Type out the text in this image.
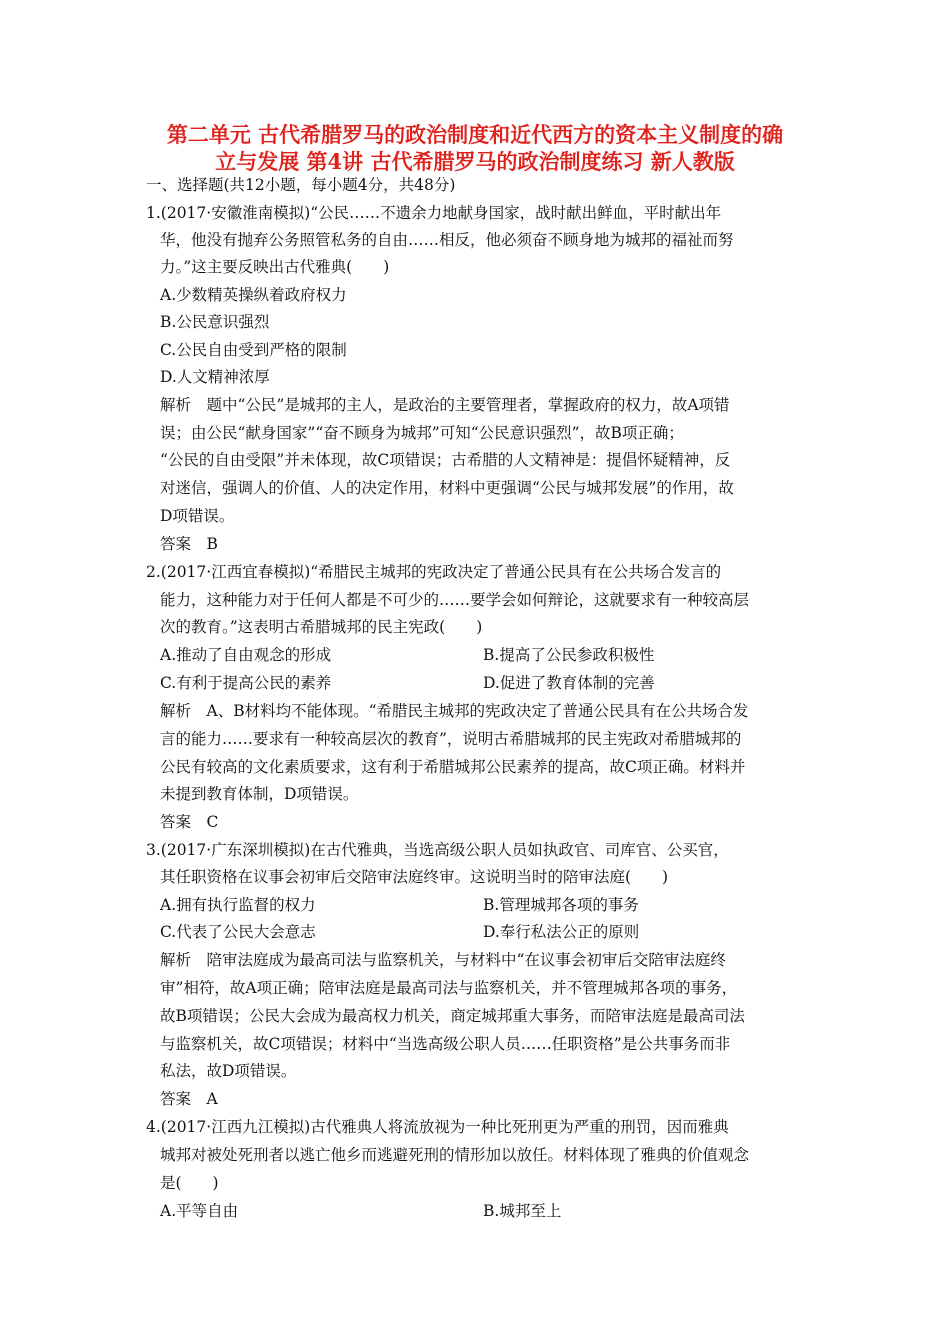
第二单元 古代希腊罗马的政治制度和近代西方的资本主义制度的确
立与发展 第4讲 古代希腊罗马的政治制度练习 新人教版
一、选择题(共12小题，每小题4分，共48分)
1.(2017·安徽淮南模拟)“公民……不遗余力地献身国家，战时献出鲜血，平时献出年
华，他没有抛弃公务照管私务的自由……相反，他必须奋不顾身地为城邦的福祉而努
力。”这主要反映出古代雅典(　　)
A.少数精英操纵着政府权力
B.公民意识强烈
C.公民自由受到严格的限制
D.人文精神浓厚
解析　题中“公民”是城邦的主人，是政治的主要管理者，掌握政府的权力，故A项错
误；由公民“献身国家”“奋不顾身为城邦”可知“公民意识强烈”，故B项正确；
“公民的自由受限”并未体现，故C项错误；古希腊的人文精神是：提倡怀疑精神，反
对迷信，强调人的价值、人的决定作用，材料中更强调“公民与城邦发展”的作用，故
D项错误。
答案　B
2.(2017·江西宜春模拟)“希腊民主城邦的宪政决定了普通公民具有在公共场合发言的
能力，这种能力对于任何人都是不可少的……要学会如何辩论，这就要求有一种较高层
次的教育。”这表明古希腊城邦的民主宪政(　　)
A.推动了自由观念的形成	B.提高了公民参政积极性
C.有利于提高公民的素养	D.促进了教育体制的完善
解析　A、B材料均不能体现。“希腊民主城邦的宪政决定了普通公民具有在公共场合发
言的能力……要求有一种较高层次的教育”，说明古希腊城邦的民主宪政对希腊城邦的
公民有较高的文化素质要求，这有利于希腊城邦公民素养的提高，故C项正确。材料并
未提到教育体制，D项错误。
答案　C
3.(2017·广东深圳模拟)在古代雅典，当选高级公职人员如执政官、司库官、公买官，
其任职资格在议事会初审后交陪审法庭终审。这说明当时的陪审法庭(　　)
A.拥有执行监督的权力	B.管理城邦各项的事务
C.代表了公民大会意志	D.奉行私法公正的原则
解析　陪审法庭成为最高司法与监察机关，与材料中“在议事会初审后交陪审法庭终
审”相符，故A项正确；陪审法庭是最高司法与监察机关，并不管理城邦各项的事务，
故B项错误；公民大会成为最高权力机关，商定城邦重大事务，而陪审法庭是最高司法
与监察机关，故C项错误；材料中“当选高级公职人员……任职资格”是公共事务而非
私法，故D项错误。
答案　A
4.(2017·江西九江模拟)古代雅典人将流放视为一种比死刑更为严重的刑罚，因而雅典
城邦对被处死刑者以逃亡他乡而逃避死刑的情形加以放任。材料体现了雅典的价值观念
是(　　)
A.平等自由	B.城邦至上
